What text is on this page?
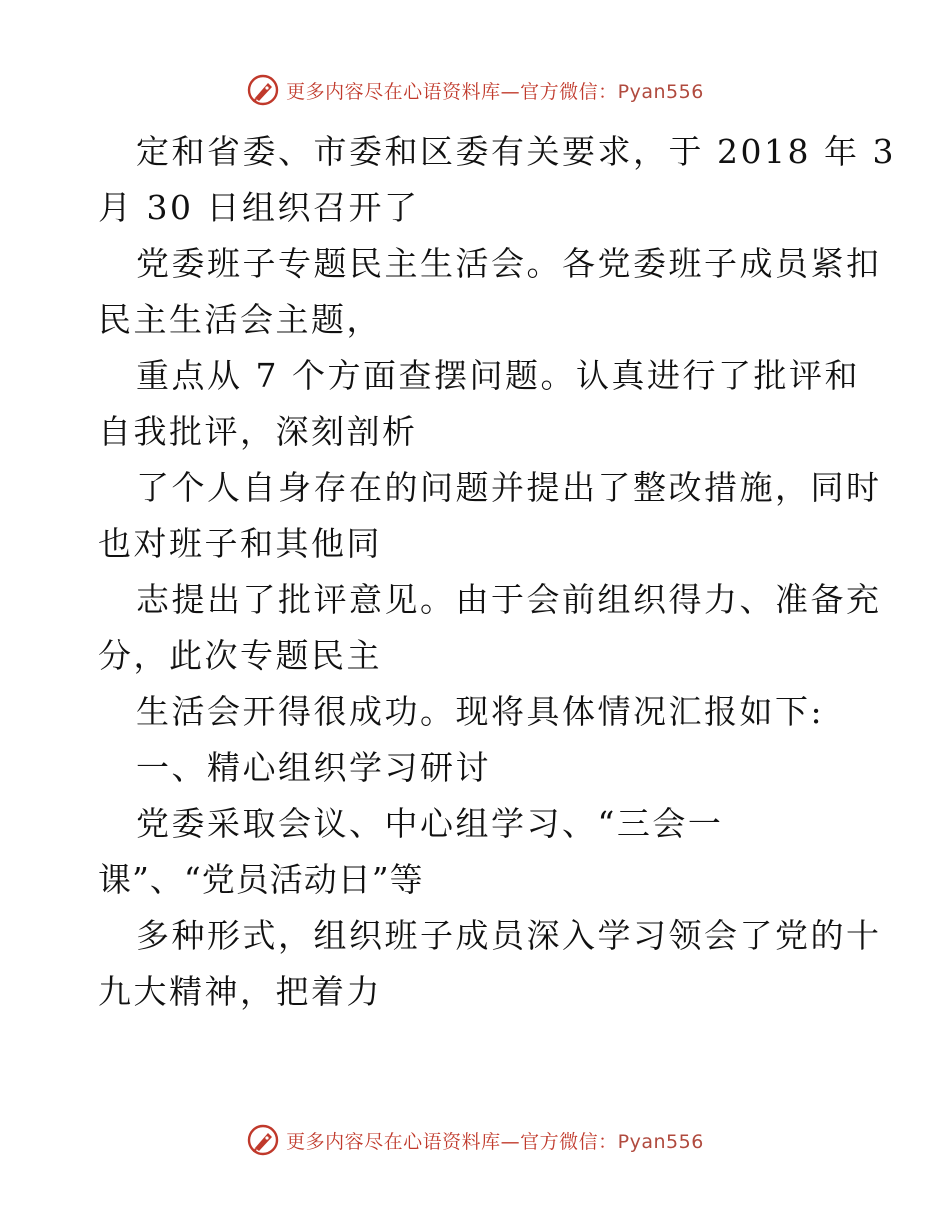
更多内容尽在心语资料库—官方微信：Pyan556
定和省委、市委和区委有关要求，于 2018 年 3
月 30 日组织召开了
党委班子专题民主生活会。各党委班子成员紧扣
民主生活会主题，
重点从 7 个方面查摆问题。认真进行了批评和
自我批评，深刻剖析
了个人自身存在的问题并提出了整改措施，同时
也对班子和其他同
志提出了批评意见。由于会前组织得力、准备充
分，此次专题民主
生活会开得很成功。现将具体情况汇报如下:
一、精心组织学习研讨
党委采取会议、中心组学习、“三会一
课”、“党员活动日”等
多种形式，组织班子成员深入学习领会了党的十
九大精神，把着力
更多内容尽在心语资料库—官方微信：Pyan556
